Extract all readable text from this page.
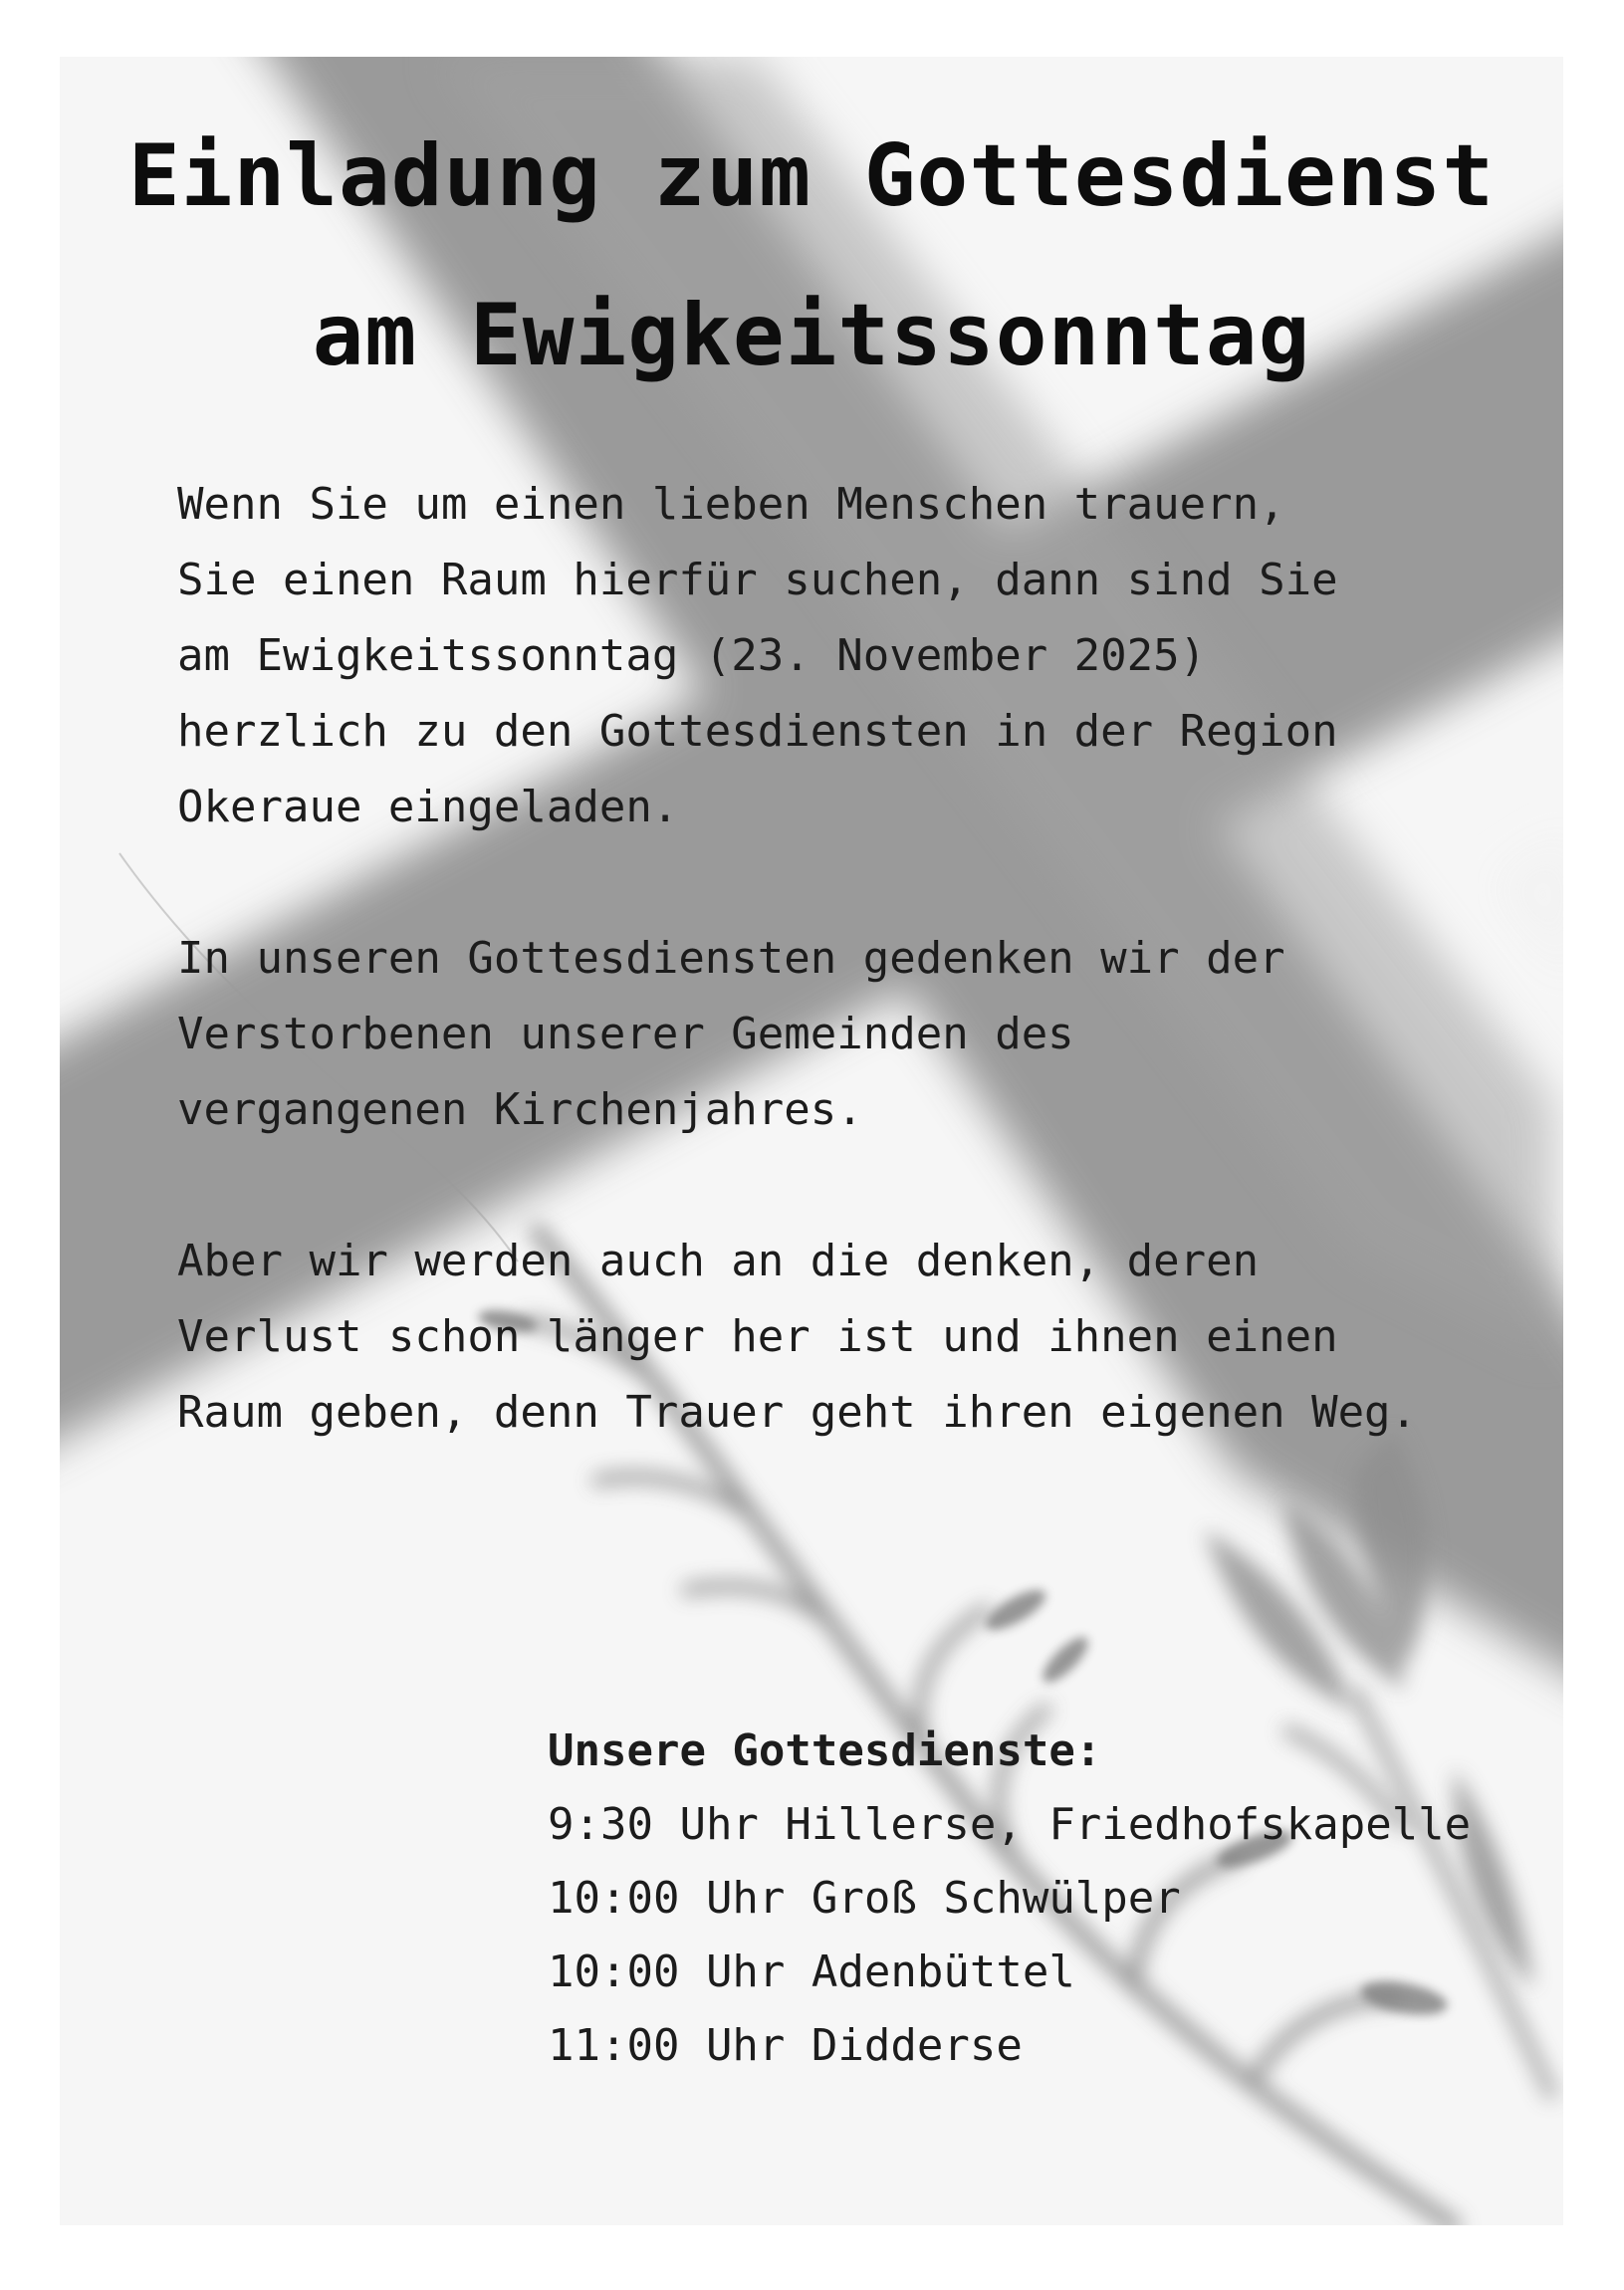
Einladung zum Gottesdienst
am Ewigkeitssonntag

Wenn Sie um einen lieben Menschen trauern,
Sie einen Raum hierfür suchen, dann sind Sie
am Ewigkeitssonntag (23. November 2025)
herzlich zu den Gottesdiensten in der Region
Okeraue eingeladen.

In unseren Gottesdiensten gedenken wir der
Verstorbenen unserer Gemeinden des
vergangenen Kirchenjahres.

Aber wir werden auch an die denken, deren
Verlust schon länger her ist und ihnen einen
Raum geben, denn Trauer geht ihren eigenen Weg.

Unsere Gottesdienste:
9:30 Uhr Hillerse, Friedhofskapelle
10:00 Uhr Groß Schwülper
10:00 Uhr Adenbüttel
11:00 Uhr Didderse
